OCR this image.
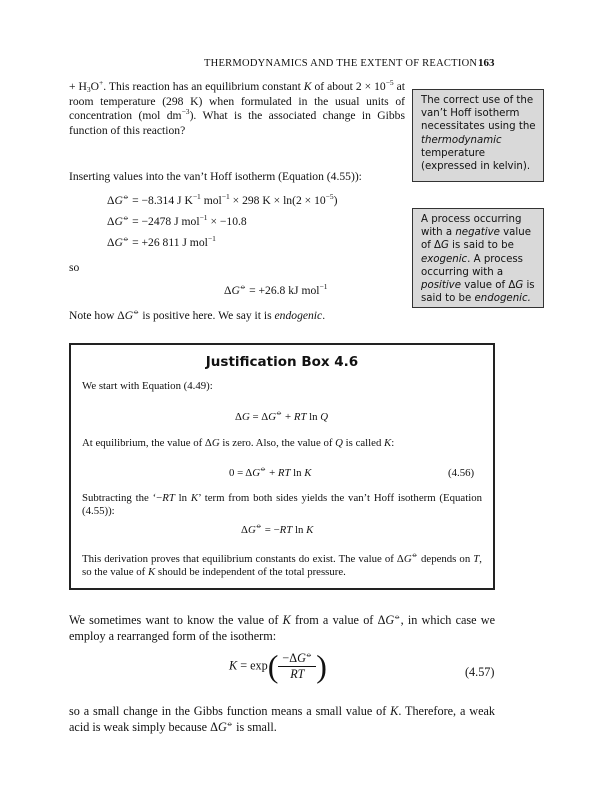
THERMODYNAMICS AND THE EXTENT OF REACTION 163
+ $H_3O^+$. This reaction has an equilibrium constant K of about $2 \times 10^{-5}$ at room temperature (298 K) when formulated in the usual units of concentration (mol $dm^{-3}$). What is the associated change in Gibbs function of this reaction?
Inserting values into the van’t Hoff isotherm (Equation (4.55)):
ΔG⦵ = −8.314 J $K^{-1}$ mol$^{-1}$ × 298 $K \times \ln(2 \times 10^{-5})$
ΔG⦵ = −2478 J mol$^{-1}$ × −10.8
ΔG⦵ = +26 811 J mol$^{-1}$
so
ΔG⦵ = +26.8 kJ mol$^{-1}$
Note how ΔG⦵ is positive here. We say it is endogenic.
The correct use of the van’t Hoff isotherm necessitates using the thermodynamic temperature (expressed in kelvin).
A process occurring with a negative value of ΔG is said to be exogenic. A process occurring with a positive value of ΔG is said to be endogenic.
Justification Box 4.6
We start with Equation (4.49):
ΔG = ΔG⦵ + RT ln Q
At equilibrium, the value of ΔG is zero. Also, the value of Q is called K:
0 = ΔG⦵ + RT ln K	(4.56)
Subtracting the ‘−RT ln K’ term from both sides yields the van’t Hoff isotherm (Equation (4.55)):
ΔG⦵ = −RT ln K
This derivation proves that equilibrium constants do exist. The value of ΔG⦵ depends on T, so the value of K should be independent of the total pressure.
We sometimes want to know the value of K from a value of ΔG⦵, in which case we employ a rearranged form of the isotherm:
$K = \exp( \frac{-\Delta G^⦵}{RT}$ )	(4.57)
so a small change in the Gibbs function means a small value of K. Therefore, a weak acid is weak simply because ΔG⦵ is small.
